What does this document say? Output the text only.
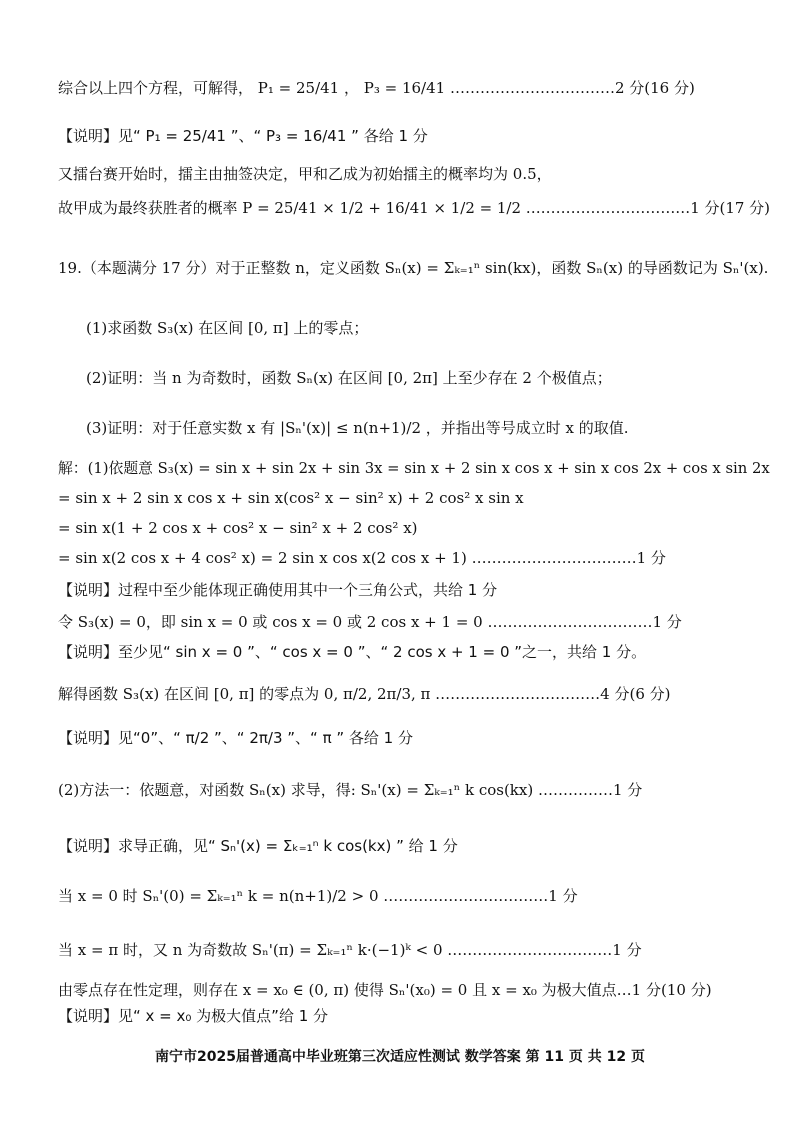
综合以上四个方程，可解得， P₁ = 25/41 ， P₃ = 16/41 ……………………………2 分(16 分)
【说明】见“ P₁ = 25/41 ”、“ P₃ = 16/41 ” 各给 1 分
又擂台赛开始时，擂主由抽签决定，甲和乙成为初始擂主的概率均为 0.5，
故甲成为最终获胜者的概率 P = 25/41 × 1/2 + 16/41 × 1/2 = 1/2 ……………………………1 分(17 分)
19.（本题满分 17 分）对于正整数 n，定义函数 Sₙ(x) = Σₖ₌₁ⁿ sin(kx)，函数 Sₙ(x) 的导函数记为 Sₙ'(x).
(1)求函数 S₃(x) 在区间 [0, π] 上的零点；
(2)证明：当 n 为奇数时，函数 Sₙ(x) 在区间 [0, 2π] 上至少存在 2 个极值点；
(3)证明：对于任意实数 x 有 |Sₙ'(x)| ≤ n(n+1)/2 ，并指出等号成立时 x 的取值.
解：(1)依题意 S₃(x) = sin x + sin 2x + sin 3x = sin x + 2 sin x cos x + sin x cos 2x + cos x sin 2x
= sin x + 2 sin x cos x + sin x(cos² x − sin² x) + 2 cos² x sin x
= sin x(1 + 2 cos x + cos² x − sin² x + 2 cos² x)
= sin x(2 cos x + 4 cos² x) = 2 sin x cos x(2 cos x + 1) ……………………………1 分
【说明】过程中至少能体现正确使用其中一个三角公式，共给 1 分
令 S₃(x) = 0，即 sin x = 0 或 cos x = 0 或 2 cos x + 1 = 0 ……………………………1 分
【说明】至少见“ sin x = 0 ”、“ cos x = 0 ”、“ 2 cos x + 1 = 0 ”之一，共给 1 分。
解得函数 S₃(x) 在区间 [0, π] 的零点为 0, π/2, 2π/3, π ……………………………4 分(6 分)
【说明】见“0”、“ π/2 ”、“ 2π/3 ”、“ π ” 各给 1 分
(2)方法一：依题意，对函数 Sₙ(x) 求导，得: Sₙ'(x) = Σₖ₌₁ⁿ k cos(kx) ……………1 分
【说明】求导正确，见“ Sₙ'(x) = Σₖ₌₁ⁿ k cos(kx) ” 给 1 分
当 x = 0 时 Sₙ'(0) = Σₖ₌₁ⁿ k = n(n+1)/2 > 0 ……………………………1 分
当 x = π 时，又 n 为奇数故 Sₙ'(π) = Σₖ₌₁ⁿ k·(−1)ᵏ < 0 ……………………………1 分
由零点存在性定理，则存在 x = x₀ ∈ (0, π) 使得 Sₙ'(x₀) = 0 且 x = x₀ 为极大值点…1 分(10 分)
【说明】见“ x = x₀ 为极大值点”给 1 分
南宁市2025届普通高中毕业班第三次适应性测试 数学答案 第 11 页 共 12 页
